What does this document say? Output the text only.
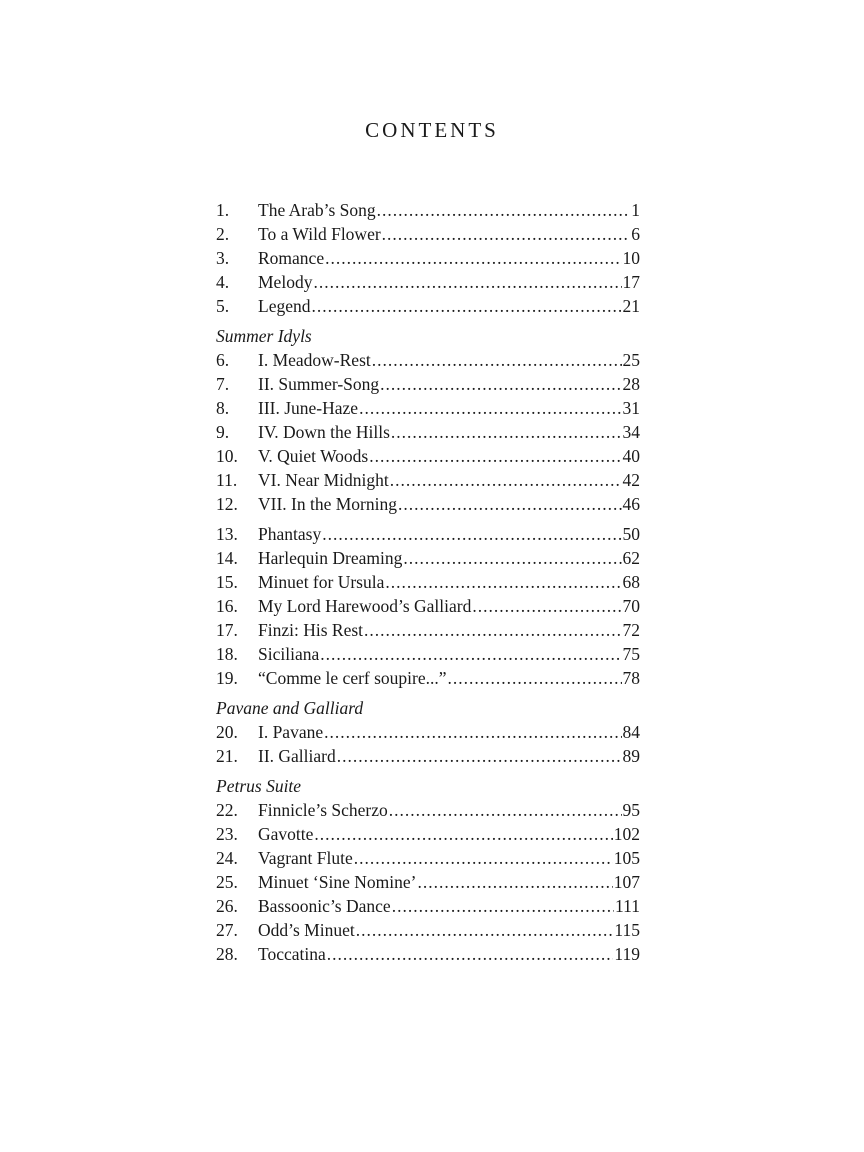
CONTENTS
1.	The Arab’s Song .....	1
2.	To a Wild Flower .....	6
3.	Romance .....	10
4.	Melody .....	17
5.	Legend .....	21
Summer Idyls
6.	I. Meadow-Rest .....	25
7.	II. Summer-Song .....	28
8.	III. June-Haze .....	31
9.	IV. Down the Hills .....	34
10.	V. Quiet Woods .....	40
11.	VI. Near Midnight .....	42
12.	VII. In the Morning .....	46
13.	Phantasy .....	50
14.	Harlequin Dreaming .....	62
15.	Minuet for Ursula .....	68
16.	My Lord Harewood’s Galliard .....	70
17.	Finzi: His Rest .....	72
18.	Siciliana .....	75
19.	“Comme le cerf soupire...” .....	78
Pavane and Galliard
20.	I. Pavane .....	84
21.	II. Galliard .....	89
Petrus Suite
22.	Finnicle’s Scherzo .....	95
23.	Gavotte .....	102
24.	Vagrant Flute .....	105
25.	Minuet ‘Sine Nomine’ .....	107
26.	Bassoonic’s Dance .....	111
27.	Odd’s Minuet .....	115
28.	Toccatina .....	119
